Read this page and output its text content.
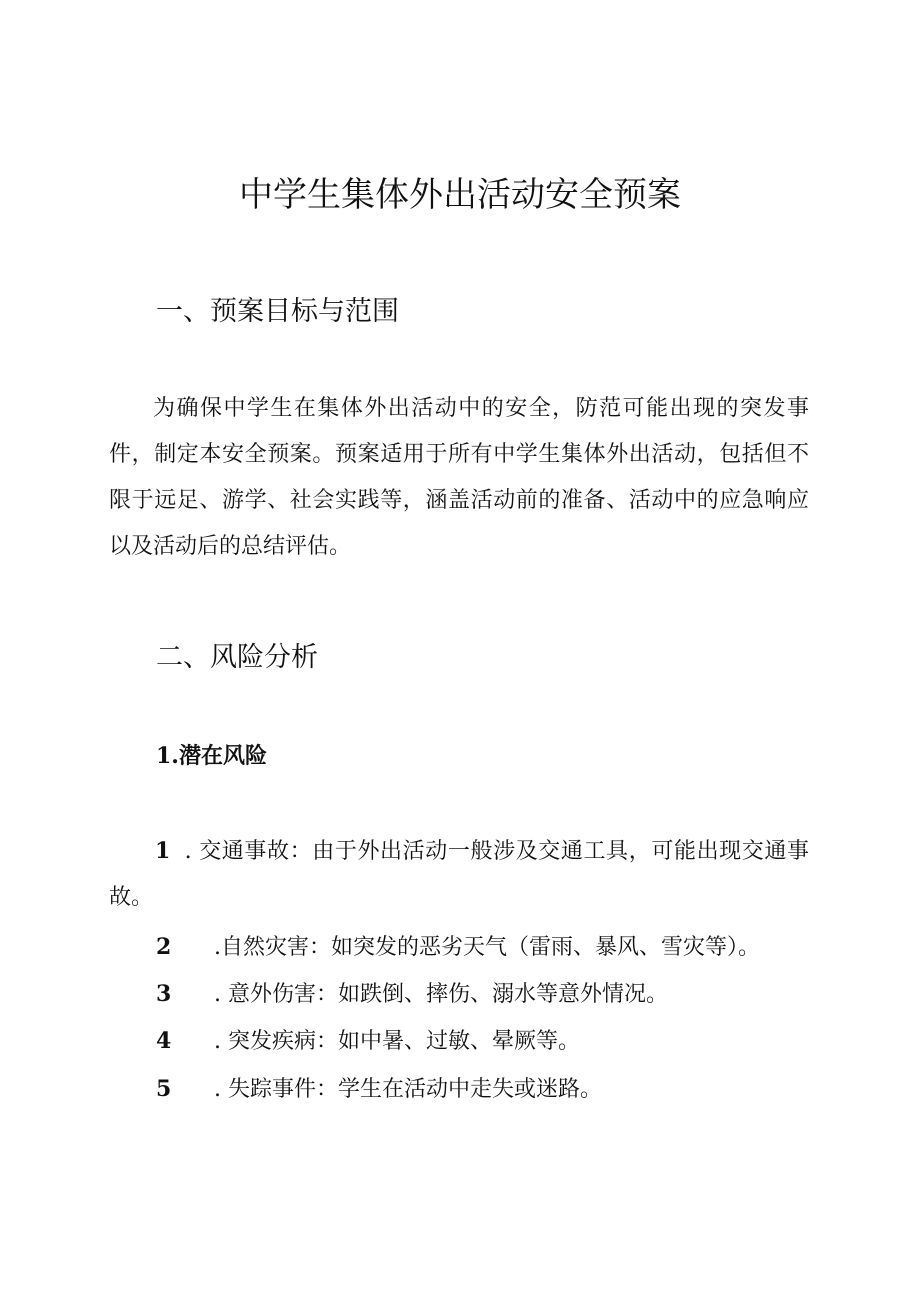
中学生集体外出活动安全预案
一、预案目标与范围

为确保中学生在集体外出活动中的安全，防范可能出现的突发事件，制定本安全预案。预案适用于所有中学生集体外出活动，包括但不限于远足、游学、社会实践等，涵盖活动前的准备、活动中的应急响应以及活动后的总结评估。

二、风险分析
1.潜在风险

1 . 交通事故：由于外出活动一般涉及交通工具，可能出现交通事故。

2 .自然灾害：如突发的恶劣天气（雷雨、暴风、雪灾等）。

3 . 意外伤害：如跌倒、摔伤、溺水等意外情况。

4 . 突发疾病：如中暑、过敏、晕厥等。

5 . 失踪事件：学生在活动中走失或迷路。
